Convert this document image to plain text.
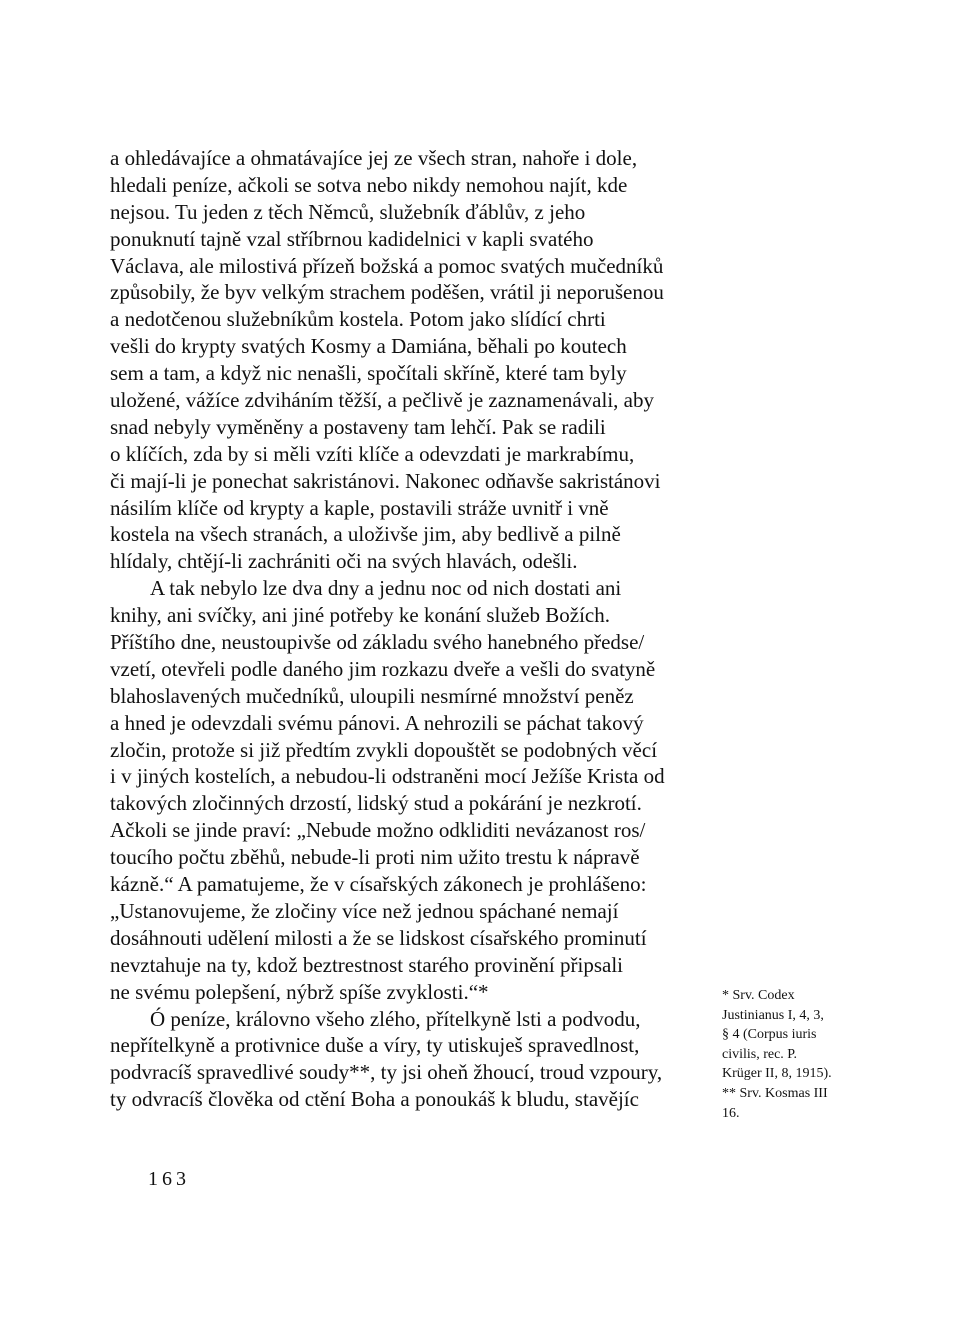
a ohledávajíce a ohmatávajíce jej ze všech stran, nahoře i dole,
hledali peníze, ačkoli se sotva nebo nikdy nemohou najít, kde
nejsou. Tu jeden z těch Němců, služebník ďáblův, z jeho
ponuknutí tajně vzal stříbrnou kadidelnici v kapli svatého
Václava, ale milostivá přízeň božská a pomoc svatých mučedníků
způsobily, že byv velkým strachem poděšen, vrátil ji neporušenou
a nedotčenou služebníkům kostela. Potom jako slídící chrti
vešli do krypty svatých Kosmy a Damiána, běhali po koutech
sem a tam, a když nic nenašli, spočítali skříně, které tam byly
uložené, vážíce zdviháním těžší, a pečlivě je zaznamenávali, aby
snad nebyly vyměněny a postaveny tam lehčí. Pak se radili
o klíčích, zda by si měli vzíti klíče a odevzdati je markrabímu,
či mají-li je ponechat sakristánovi. Nakonec odňavše sakristánovi
násilím klíče od krypty a kaple, postavili stráže uvnitř i vně
kostela na všech stranách, a uloživše jim, aby bedlivě a pilně
hlídaly, chtějí-li zachrániti oči na svých hlavách, odešli.
A tak nebylo lze dva dny a jednu noc od nich dostati ani
knihy, ani svíčky, ani jiné potřeby ke konání služeb Božích.
Příštího dne, neustoupivše od základu svého hanebného předse/
vzetí, otevřeli podle daného jim rozkazu dveře a vešli do svatyně
blahoslavených mučedníků, uloupili nesmírné množství peněz
a hned je odevzdali svému pánovi. A nehrozili se páchat takový
zločin, protože si již předtím zvykli dopouštět se podobných věcí
i v jiných kostelích, a nebudou-li odstraněni mocí Ježíše Krista od
takových zločinných drzostí, lidský stud a pokárání je nezkrotí.
Ačkoli se jinde praví: „Nebude možno odkliditi nevázanost ros/
toucího počtu zběhů, nebude-li proti nim užito trestu k nápravě
kázně.“ A pamatujeme, že v císařských zákonech je prohlášeno:
„Ustanovujeme, že zločiny více než jednou spáchané nemají
dosáhnouti udělení milosti a že se lidskost císařského prominutí
nevztahuje na ty, kdož beztrestnost starého provinění připsali
ne svému polepšení, nýbrž spíše zvyklosti.“*
Ó peníze, královno všeho zlého, přítelkyně lsti a podvodu,
nepřítelkyně a protivnice duše a víry, ty utiskuješ spravedlnost,
podvracíš spravedlivé soudy**, ty jsi oheň žhoucí, troud vzpoury,
ty odvracíš člověka od ctění Boha a ponoukáš k bludu, stavějíc
* Srv. Codex
Justinianus I, 4, 3,
§ 4 (Corpus iuris
civilis, rec. P.
Krüger II, 8, 1915).
** Srv. Kosmas III
16.
163
